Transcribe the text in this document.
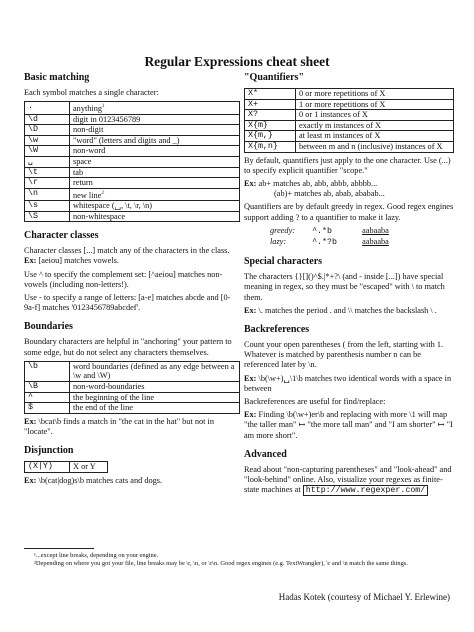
Regular Expressions cheat sheet
Basic matching

Each symbol matches a single character:

.	anything$^1$
\d	digit in 0123456789
\D	non-digit
\w	"word" (letters and digits and _)
\W	non-word
␣	space
\t	tab
\r	return
\n	new line$^2$
\s	whitespace (␣, \t, \r, \n)
\S	non-whitespace
Character classes

Character classes [...] match any of the characters in the class. Ex: [aeiou] matches vowels.

Use ^ to specify the complement set: [^aeiou] matches non-vowels (including non-letters!).

Use - to specify a range of letters: [a-e] matches abcde and [0-9a-f] matches '0123456789abcdef'.

Boundaries

Boundary characters are helpful in "anchoring" your pattern to some edge, but do not select any characters themselves.

\b	word boundaries (defined as any edge between a \w and \W)
\B	non-word-boundaries
^	the beginning of the line
$	the end of the line

Ex: \bcat\b finds a match in "the cat in the hat" but not in "locate".

Disjunction
(X|Y)	X or Y

Ex: \b(cat|dog)s\b matches cats and dogs.

"Quantifiers"
X*	0 or more repetitions of X
X+	1 or more repetitions of X
X?	0 or 1 instances of X
X{m}	exactly m instances of X
X{m,}	at least m instances of X
X{m,n}	between m and n (inclusive) instances of X

By default, quantifiers just apply to the one character. Use (...) to specify explicit quantifier "scope."

Ex: ab+ matches ab, abb, abbb, abbbb...

(ab)+ matches ab, abab, ababab...

Quantifiers are by default greedy in regex. Good regex engines support adding ? to a quantifier to make it lazy.

greedy: ^.*b	aabaaba
lazy:	^.*?b	aabaaba
Special characters

The characters {}[]()^$.|*+?\ (and - inside [...]) have special meaning in regex, so they must be "escaped" with \ to match them.

Ex: \. matches the period . and \\ matches the backslash \ .

Backreferences

Count your open parentheses ( from the left, starting with 1. Whatever is matched by parenthesis number n can be referenced later by \n.

Ex: \b(\w+)␣\1\b matches two identical words with a space in between

Backreferences are useful for find/replace:

Ex: Finding \b(\w+)er\b and replacing with more \1 will map "the taller man" ↦ "the more tall man" and "I am shorter" ↦ "I am more short".

Advanced

Read about "non-capturing parentheses" and "look-ahead" and "look-behind" online. Also, visualize your regexes as finite-state machines at http://www.regexper.com/

¹...except line breaks, depending on your engine.

²Depending on where you got your file, line breaks may be \r, \n, or \r\n. Good regex engines (e.g. TextWrangler), \r and \n match the same things.

Hadas Kotek (courtesy of Michael Y. Erlewine)
